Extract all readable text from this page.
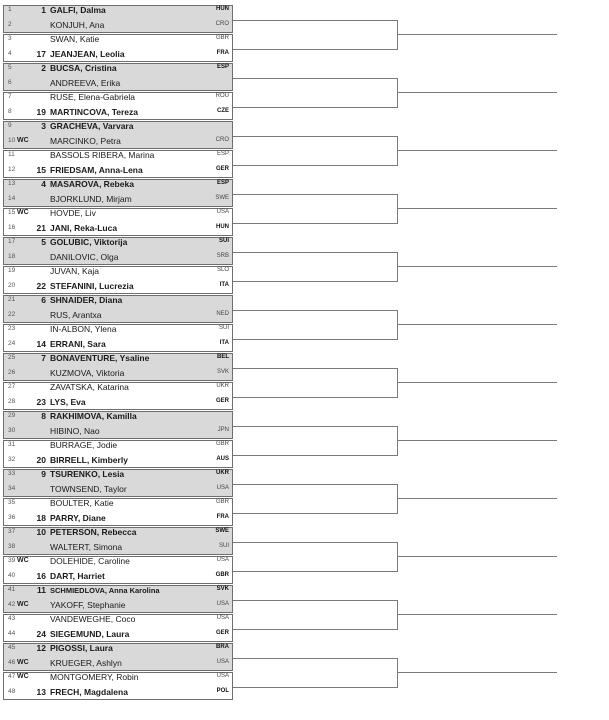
1	1 GALFI, Dalma	HUN
2	KONJUH, Ana	CRO
3	SWAN, Katie	GBR
4	17 JEANJEAN, Leolia	FRA
5	2 BUCSA, Cristina	ESP
6	ANDREEVA, Erika
7	RUSE, Elena-Gabriela	ROU
8	19 MARTINCOVA, Tereza	CZE
9	3 GRACHEVA, Varvara
10 WC	MARCINKO, Petra	CRO
11	BASSOLS RIBERA, Marina	ESP
12	15 FRIEDSAM, Anna-Lena	GER
13	4 MASAROVA, Rebeka	ESP
14	BJORKLUND, Mirjam	SWE
15 WC	HOVDE, Liv	USA
16	21 JANI, Reka-Luca	HUN
17	5 GOLUBIC, Viktorija	SUI
18	DANILOVIC, Olga	SRB
19	JUVAN, Kaja	SLO
20	22 STEFANINI, Lucrezia	ITA
21	6 SHNAIDER, Diana
22	RUS, Arantxa	NED
23	IN-ALBON, Ylena	SUI
24	14 ERRANI, Sara	ITA
25	7 BONAVENTURE, Ysaline	BEL
26	KUZMOVA, Viktoria	SVK
27	ZAVATSKA, Katarina	UKR
28	23 LYS, Eva	GER
29	8 RAKHIMOVA, Kamilla
30	HIBINO, Nao	JPN
31	BURRAGE, Jodie	GBR
32	20 BIRRELL, Kimberly	AUS
33	9 TSURENKO, Lesia	UKR
34	TOWNSEND, Taylor	USA
35	BOULTER, Katie	GBR
36	18 PARRY, Diane	FRA
37	10 PETERSON, Rebecca	SWE
38	WALTERT, Simona	SUI
39 WC	DOLEHIDE, Caroline	USA
40	16 DART, Harriet	GBR
41	11 SCHMIEDLOVA, Anna Karolina	SVK
42 WC	YAKOFF, Stephanie	USA
43	VANDEWEGHE, Coco	USA
44	24 SIEGEMUND, Laura	GER
45	12 PIGOSSI, Laura	BRA
46 WC	KRUEGER, Ashlyn	USA
47 WC	MONTGOMERY, Robin	USA
48	13 FRECH, Magdalena	POL
